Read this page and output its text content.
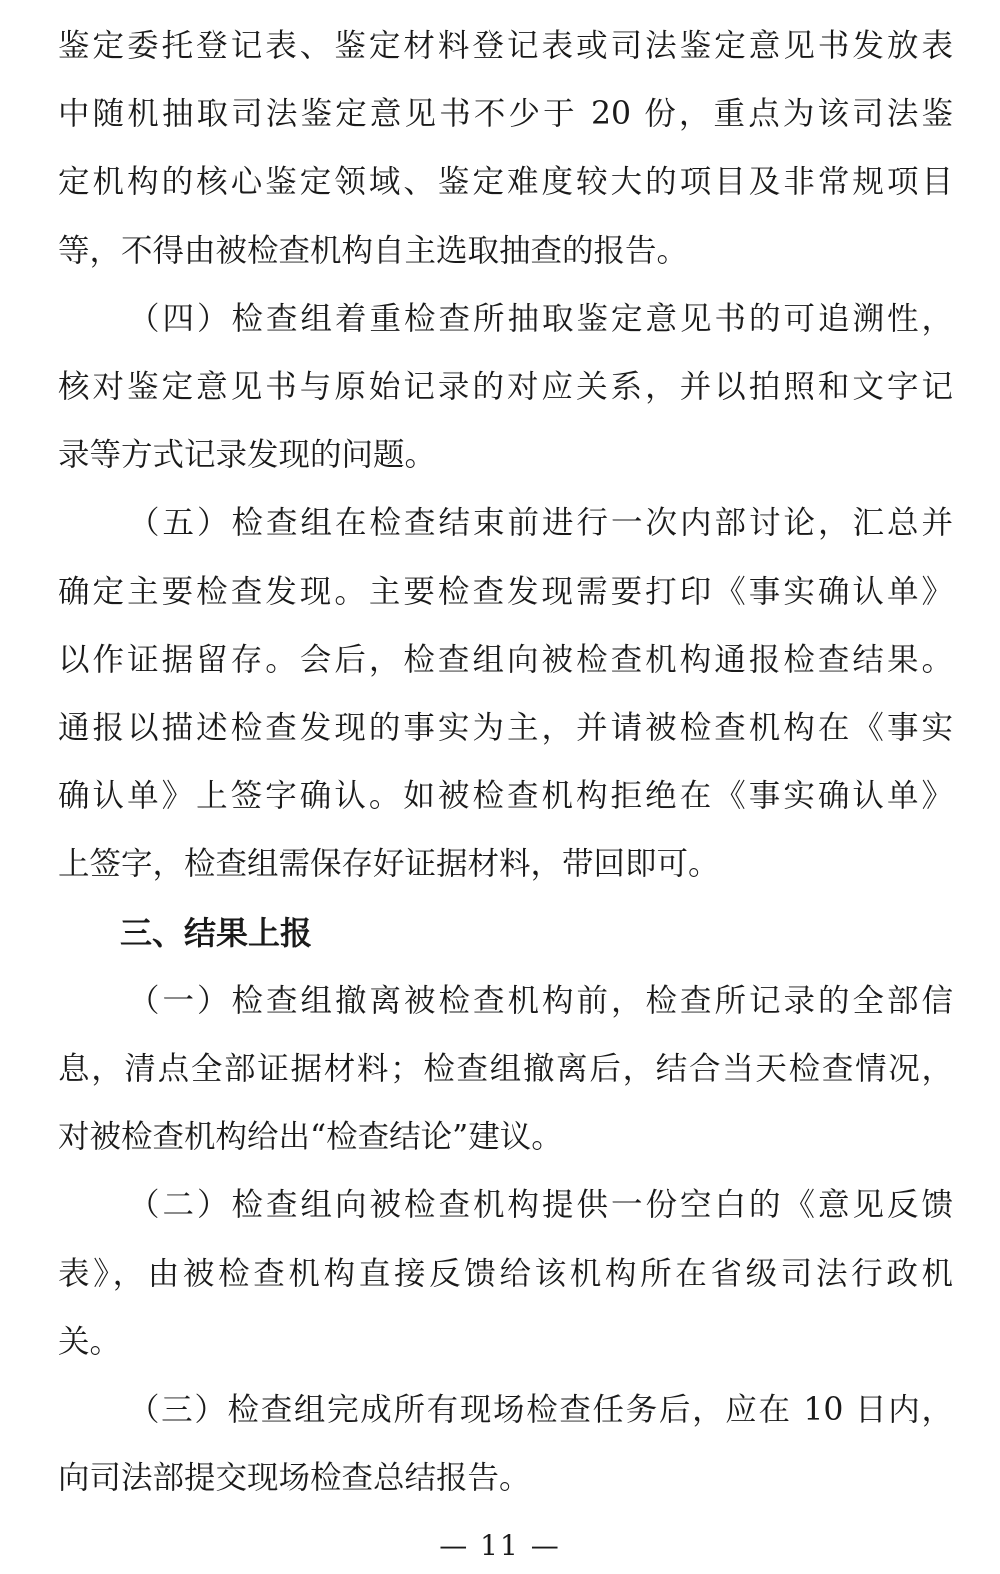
鉴定委托登记表、鉴定材料登记表或司法鉴定意见书发放表
中随机抽取司法鉴定意见书不少于 20 份，重点为该司法鉴
定机构的核心鉴定领域、鉴定难度较大的项目及非常规项目
等，不得由被检查机构自主选取抽查的报告。
（四）检查组着重检查所抽取鉴定意见书的可追溯性，
核对鉴定意见书与原始记录的对应关系，并以拍照和文字记
录等方式记录发现的问题。
（五）检查组在检查结束前进行一次内部讨论，汇总并
确定主要检查发现。主要检查发现需要打印《事实确认单》
以作证据留存。会后，检查组向被检查机构通报检查结果。
通报以描述检查发现的事实为主，并请被检查机构在《事实
确认单》上签字确认。如被检查机构拒绝在《事实确认单》
上签字，检查组需保存好证据材料，带回即可。
三、结果上报
（一）检查组撤离被检查机构前，检查所记录的全部信
息，清点全部证据材料；检查组撤离后，结合当天检查情况，
对被检查机构给出“检查结论”建议。
（二）检查组向被检查机构提供一份空白的《意见反馈
表》，由被检查机构直接反馈给该机构所在省级司法行政机
关。
（三）检查组完成所有现场检查任务后，应在 10 日内，
向司法部提交现场检查总结报告。
— 11 —
